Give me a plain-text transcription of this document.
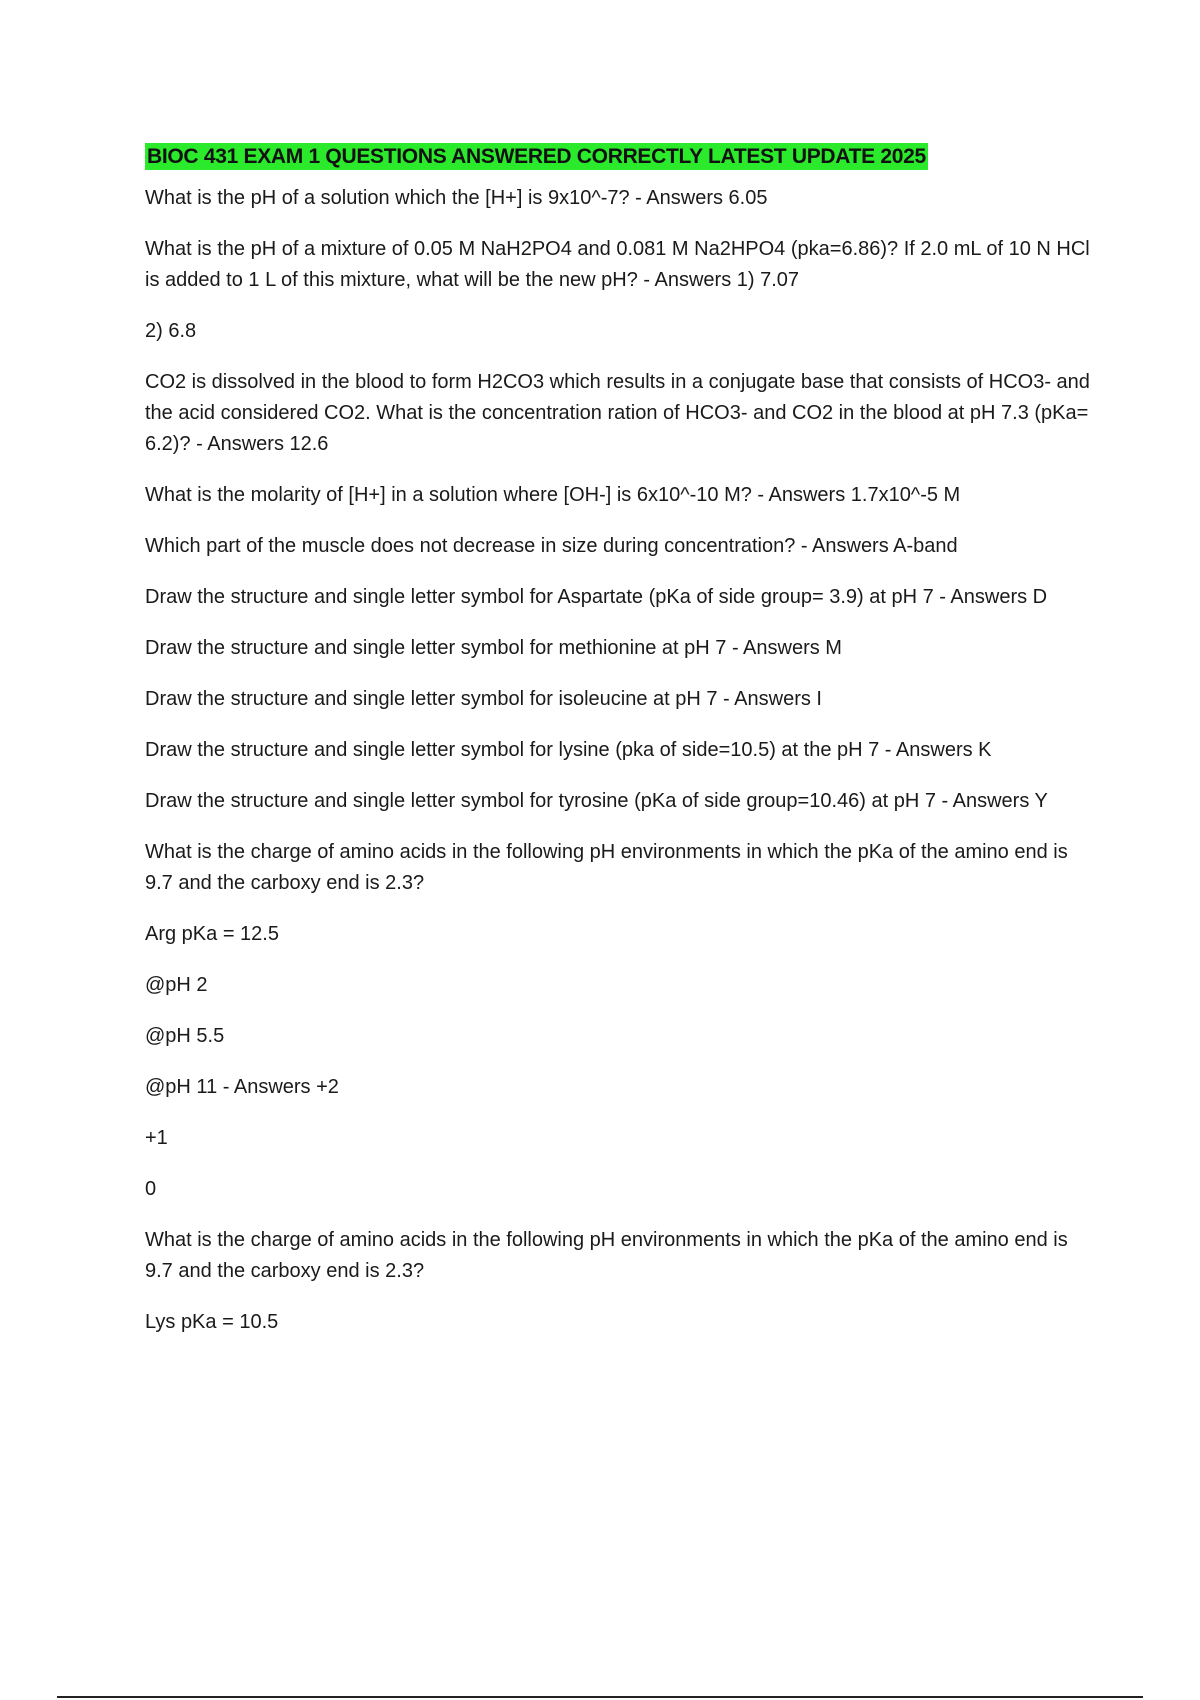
BIOC 431 EXAM 1 QUESTIONS ANSWERED CORRECTLY LATEST UPDATE 2025

What is the pH of a solution which the [H+] is 9x10^-7? - Answers 6.05

What is the pH of a mixture of 0.05 M NaH2PO4 and 0.081 M Na2HPO4 (pka=6.86)? If 2.0 mL of 10 N HCl is added to 1 L of this mixture, what will be the new pH? - Answers 1) 7.07

2) 6.8

CO2 is dissolved in the blood to form H2CO3 which results in a conjugate base that consists of HCO3- and the acid considered CO2. What is the concentration ration of HCO3- and CO2 in the blood at pH 7.3 (pKa= 6.2)? - Answers 12.6

What is the molarity of [H+] in a solution where [OH-] is 6x10^-10 M? - Answers 1.7x10^-5 M

Which part of the muscle does not decrease in size during concentration? - Answers A-band

Draw the structure and single letter symbol for Aspartate (pKa of side group= 3.9) at pH 7 - Answers D

Draw the structure and single letter symbol for methionine at pH 7 - Answers M

Draw the structure and single letter symbol for isoleucine at pH 7 - Answers I

Draw the structure and single letter symbol for lysine (pka of side=10.5) at the pH 7 - Answers K

Draw the structure and single letter symbol for tyrosine (pKa of side group=10.46) at pH 7 - Answers Y

What is the charge of amino acids in the following pH environments in which the pKa of the amino end is 9.7 and the carboxy end is 2.3?

Arg pKa = 12.5

@pH 2

@pH 5.5

@pH 11 - Answers +2

+1

0

What is the charge of amino acids in the following pH environments in which the pKa of the amino end is 9.7 and the carboxy end is 2.3?

Lys pKa = 10.5
